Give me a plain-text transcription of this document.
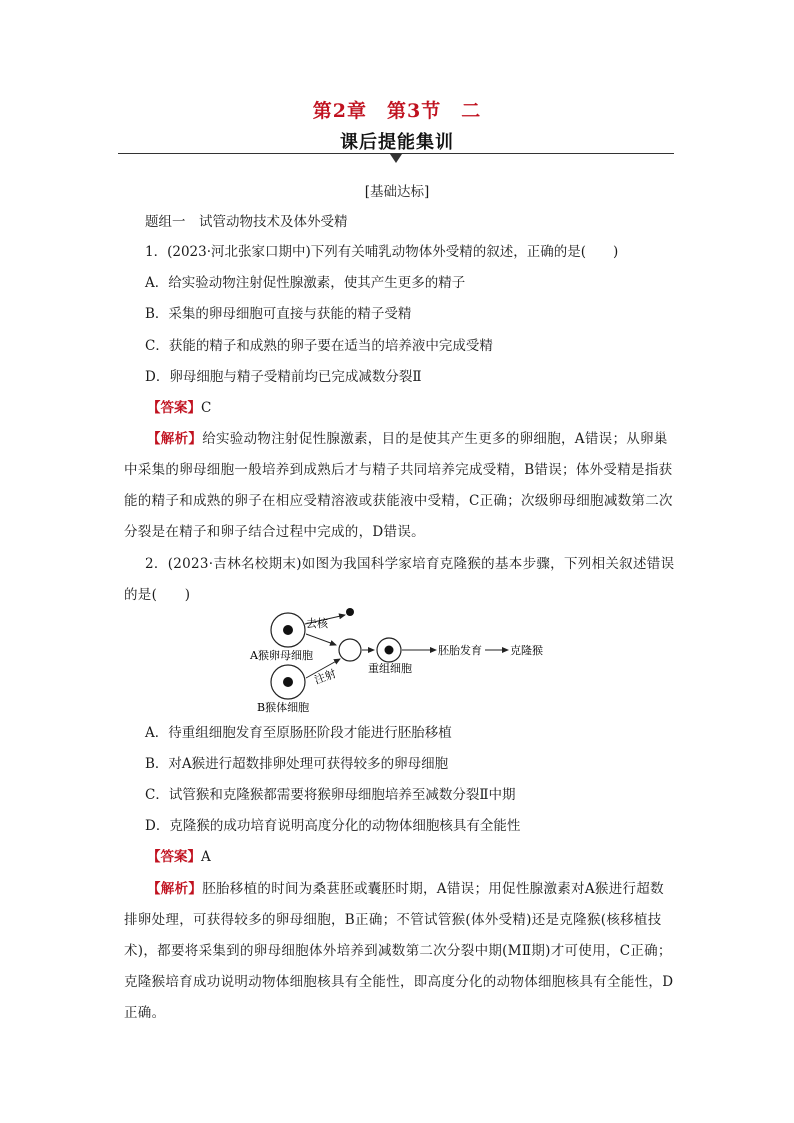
第2章　第3节　二
课后提能集训
[基础达标]
题组一　试管动物技术及体外受精
1．(2023·河北张家口期中)下列有关哺乳动物体外受精的叙述，正确的是(　　)
A．给实验动物注射促性腺激素，使其产生更多的精子
B．采集的卵母细胞可直接与获能的精子受精
C．获能的精子和成熟的卵子要在适当的培养液中完成受精
D．卵母细胞与精子受精前均已完成减数分裂Ⅱ
【答案】C
【解析】给实验动物注射促性腺激素，目的是使其产生更多的卵细胞，A错误；从卵巢
中采集的卵母细胞一般培养到成熟后才与精子共同培养完成受精，B错误；体外受精是指获
能的精子和成熟的卵子在相应受精溶液或获能液中受精，C正确；次级卵母细胞减数第二次
分裂是在精子和卵子结合过程中完成的，D错误。
2．(2023·吉林名校期末)如图为我国科学家培育克隆猴的基本步骤，下列相关叙述错误
的是(　　)
去核
A猴卵母细胞
注射
B猴体细胞
重组细胞
胚胎发育	克隆猴
A．待重组细胞发育至原肠胚阶段才能进行胚胎移植
B．对A猴进行超数排卵处理可获得较多的卵母细胞
C．试管猴和克隆猴都需要将猴卵母细胞培养至减数分裂Ⅱ中期
D．克隆猴的成功培育说明高度分化的动物体细胞核具有全能性
【答案】A
【解析】胚胎移植的时间为桑葚胚或囊胚时期，A错误；用促性腺激素对A猴进行超数
排卵处理，可获得较多的卵母细胞，B正确；不管试管猴(体外受精)还是克隆猴(核移植技
术)，都要将采集到的卵母细胞体外培养到减数第二次分裂中期(MⅡ期)才可使用，C正确；
克隆猴培育成功说明动物体细胞核具有全能性，即高度分化的动物体细胞核具有全能性，D
正确。
